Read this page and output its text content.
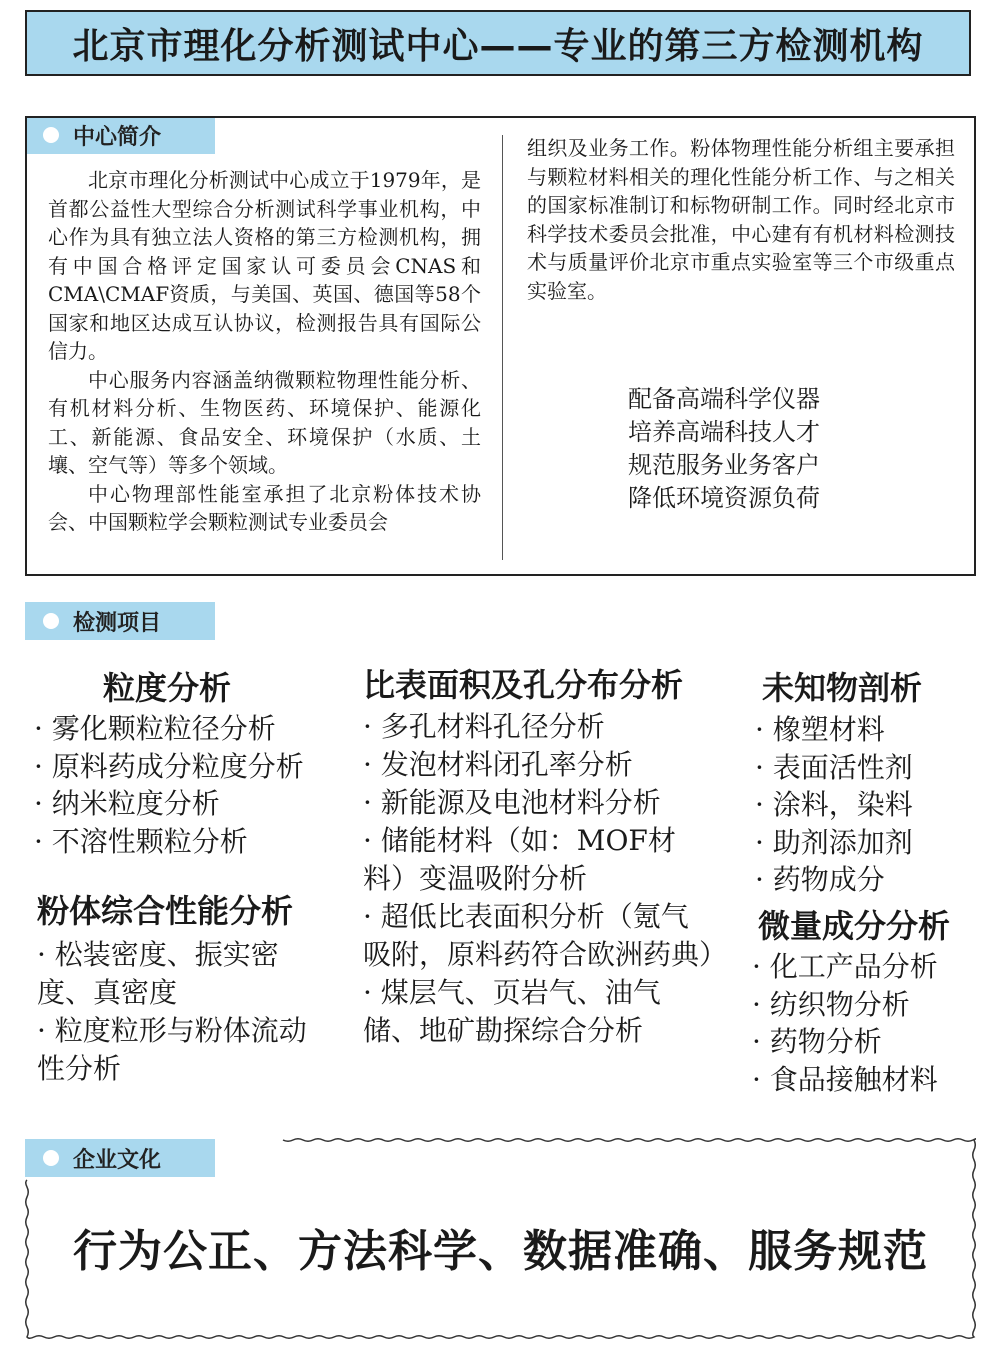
北京市理化分析测试中心——专业的第三方检测机构
中心简介

北京市理化分析测试中心成立于1979年，是首都公益性大型综合分析测试科学事业机构，中心作为具有独立法人资格的第三方检测机构，拥有中国合格评定国家认可委员会CNAS和CMA\CMAF资质，与美国、英国、德国等58个国家和地区达成互认协议，检测报告具有国际公信力。

中心服务内容涵盖纳微颗粒物理性能分析、有机材料分析、生物医药、环境保护、能源化工、新能源、食品安全、环境保护（水质、土壤、空气等）等多个领域。

中心物理部性能室承担了北京粉体技术协会、中国颗粒学会颗粒测试专业委员会

组织及业务工作。粉体物理性能分析组主要承担与颗粒材料相关的理化性能分析工作、与之相关的国家标准制订和标物研制工作。同时经北京市科学技术委员会批准，中心建有有机材料检测技术与质量评价北京市重点实验室等三个市级重点实验室。

配备高端科学仪器
培养高端科技人才
规范服务业务客户
降低环境资源负荷
检测项目
粒度分析
· 雾化颗粒粒径分析
· 原料药成分粒度分析
· 纳米粒度分析
· 不溶性颗粒分析
粉体综合性能分析
· 松装密度、振实密度、真密度
· 粒度粒形与粉体流动性分析
比表面积及孔分布分析
· 多孔材料孔径分析
· 发泡材料闭孔率分析
· 新能源及电池材料分析
· 储能材料（如：MOF材料）变温吸附分析
· 超低比表面积分析（氪气吸附，原料药符合欧洲药典）
· 煤层气、页岩气、油气储、地矿勘探综合分析
未知物剖析
· 橡塑材料
· 表面活性剂
· 涂料，染料
· 助剂添加剂
· 药物成分
微量成分分析
· 化工产品分析
· 纺织物分析
· 药物分析
· 食品接触材料
企业文化
行为公正、方法科学、数据准确、服务规范
